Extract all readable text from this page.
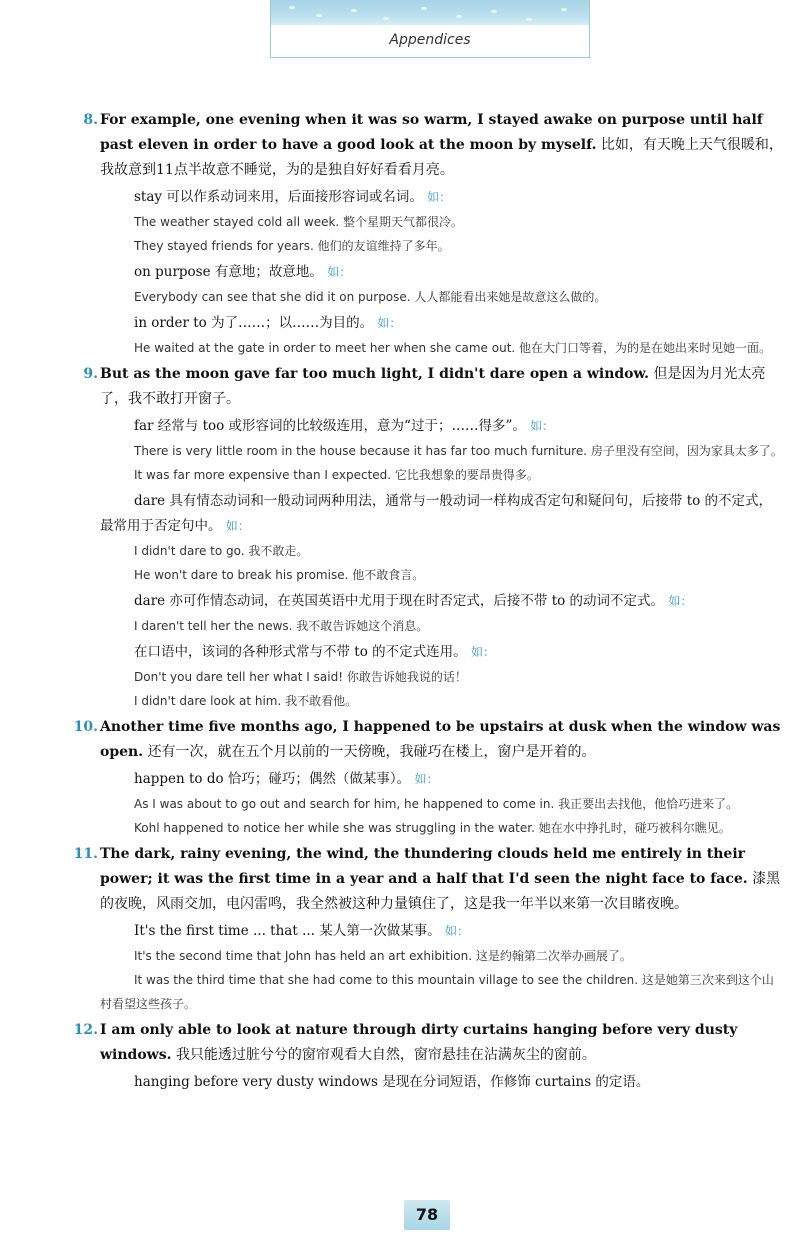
Appendices
8. For example, one evening when it was so warm, I stayed awake on purpose until half past eleven in order to have a good look at the moon by myself. 比如，有天晚上天气很暖和，我故意到11点半故意不睡觉，为的是独自好好看看月亮。

stay 可以作系动词来用，后面接形容词或名词。 如：

The weather stayed cold all week. 整个星期天气都很冷。

They stayed friends for years. 他们的友谊维持了多年。

on purpose 有意地；故意地。 如：

Everybody can see that she did it on purpose. 人人都能看出来她是故意这么做的。

in order to 为了……；以……为目的。 如：

He waited at the gate in order to meet her when she came out. 他在大门口等着，为的是在她出来时见她一面。

9. But as the moon gave far too much light, I didn't dare open a window. 但是因为月光太亮了，我不敢打开窗子。

far 经常与 too 或形容词的比较级连用，意为“过于；……得多”。 如：

There is very little room in the house because it has far too much furniture. 房子里没有空间，因为家具太多了。

It was far more expensive than I expected. 它比我想象的要昂贵得多。

dare 具有情态动词和一般动词两种用法，通常与一般动词一样构成否定句和疑问句，后接带 to 的不定式，最常用于否定句中。 如：

I didn't dare to go. 我不敢走。

He won't dare to break his promise. 他不敢食言。

dare 亦可作情态动词，在英国英语中尤用于现在时否定式，后接不带 to 的动词不定式。 如：

I daren't tell her the news. 我不敢告诉她这个消息。

在口语中，该词的各种形式常与不带 to 的不定式连用。 如：

Don't you dare tell her what I said! 你敢告诉她我说的话！

I didn't dare look at him. 我不敢看他。

10. Another time five months ago, I happened to be upstairs at dusk when the window was open. 还有一次，就在五个月以前的一天傍晚，我碰巧在楼上，窗户是开着的。

happen to do 恰巧；碰巧；偶然（做某事）。 如：

As I was about to go out and search for him, he happened to come in. 我正要出去找他，他恰巧进来了。

Kohl happened to notice her while she was struggling in the water. 她在水中挣扎时，碰巧被科尔瞧见。

11. The dark, rainy evening, the wind, the thundering clouds held me entirely in their power; it was the first time in a year and a half that I'd seen the night face to face. 漆黑的夜晚，风雨交加，电闪雷鸣，我全然被这种力量镇住了，这是我一年半以来第一次目睹夜晚。

It's the first time ... that ... 某人第一次做某事。 如：

It's the second time that John has held an art exhibition. 这是约翰第二次举办画展了。

It was the third time that she had come to this mountain village to see the children. 这是她第三次来到这个山村看望这些孩子。

12. I am only able to look at nature through dirty curtains hanging before very dusty windows. 我只能透过脏兮兮的窗帘观看大自然，窗帘悬挂在沾满灰尘的窗前。

hanging before very dusty windows 是现在分词短语，作修饰 curtains 的定语。

78
